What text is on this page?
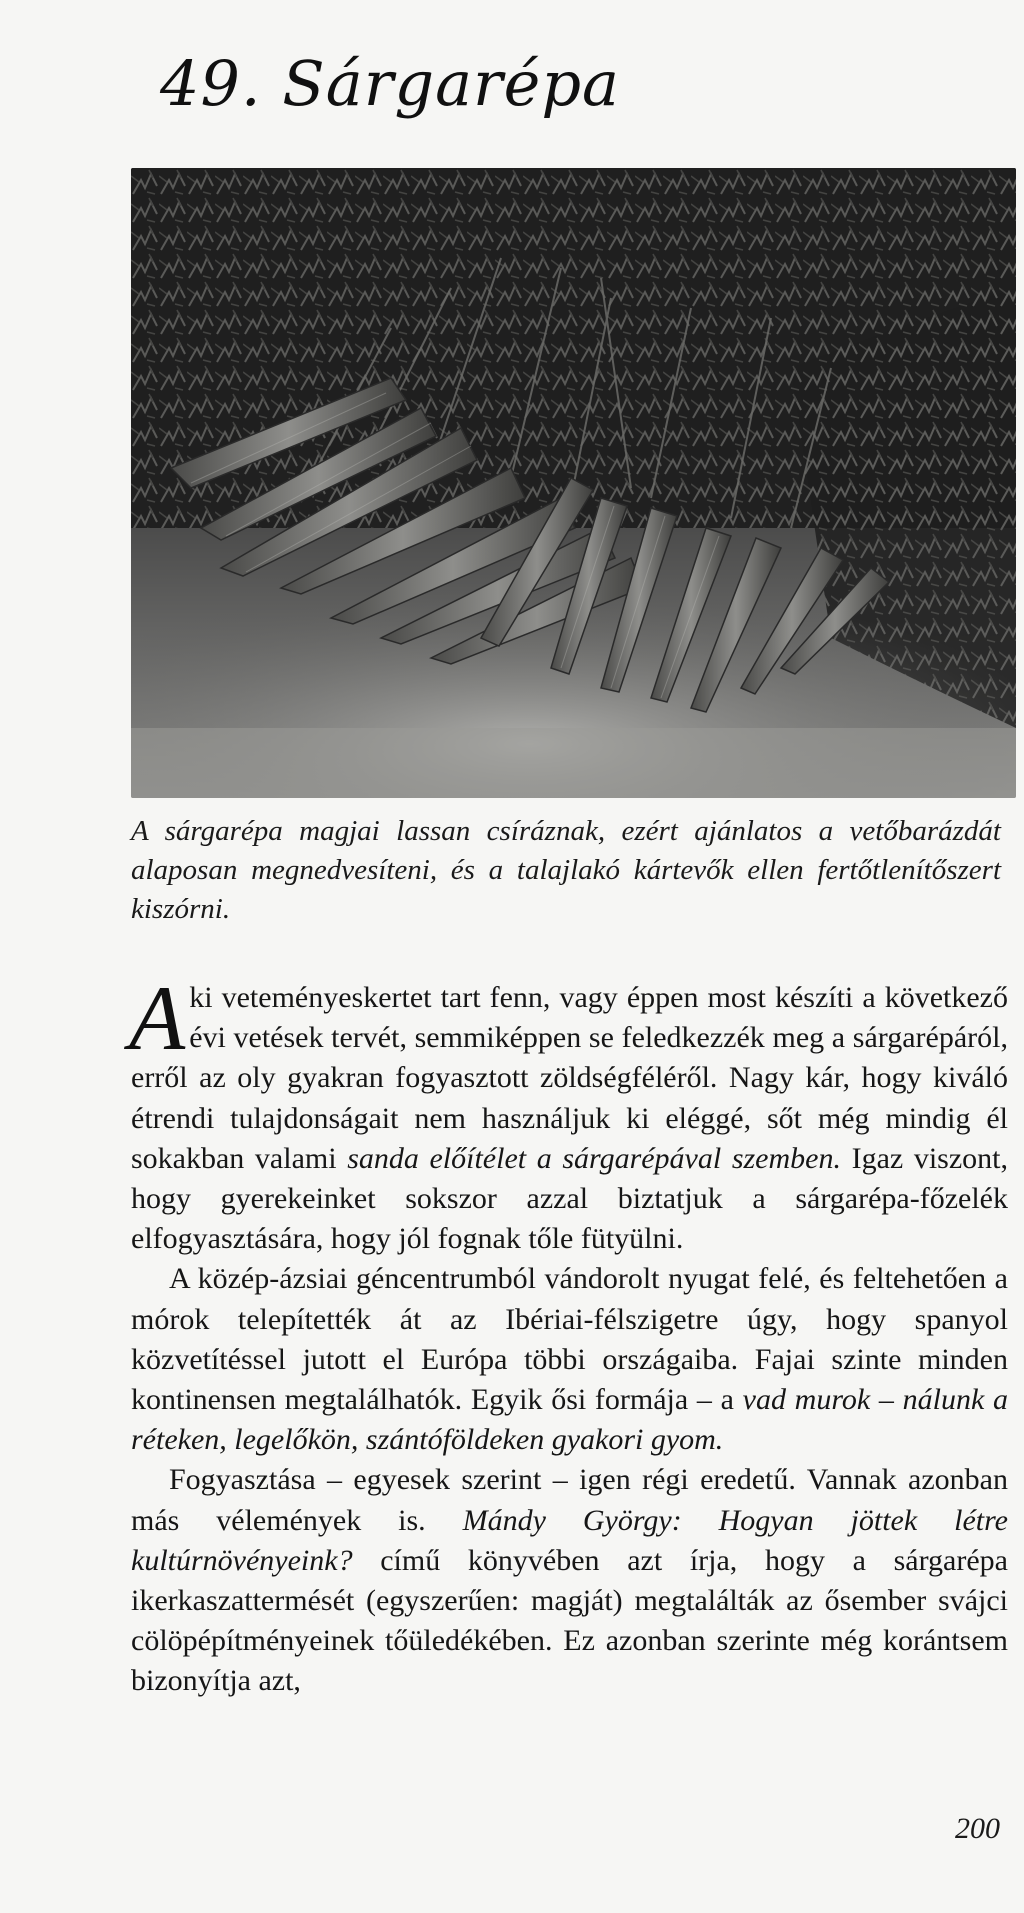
49. Sárgarépa
A sárgarépa magjai lassan csíráznak, ezért ajánlatos a vetőbarázdát alaposan megnedvesíteni, és a talajlakó kártevők ellen fertőtlenítőszert kiszórni.

Aki veteményeskertet tart fenn, vagy éppen most készíti a következő évi vetések tervét, semmiképpen se feledkezzék meg a sárgarépáról, erről az oly gyakran fogyasztott zöldségféléről. Nagy kár, hogy kiváló étrendi tulajdonságait nem használjuk ki eléggé, sőt még mindig él sokakban valami sanda előítélet a sárgarépával szemben. Igaz viszont, hogy gyerekeinket sokszor azzal biztatjuk a sárgarépa-főzelék elfogyasztására, hogy jól fognak tőle fütyülni.

A közép-ázsiai géncentrumból vándorolt nyugat felé, és feltehetően a mórok telepítették át az Ibériai-félszigetre úgy, hogy spanyol közvetítéssel jutott el Európa többi országaiba. Fajai szinte minden kontinensen megtalálhatók. Egyik ősi formája – a vad murok – nálunk a réteken, legelőkön, szántóföldeken gyakori gyom.

Fogyasztása – egyesek szerint – igen régi eredetű. Vannak azonban más vélemények is. Mándy György: Hogyan jöttek létre kultúrnövényeink? című könyvében azt írja, hogy a sárgarépa ikerkaszattermését (egyszerűen: magját) megtalálták az ősember svájci cölöpépítményeinek tőüledékében. Ez azonban szerinte még korántsem bizonyítja azt,

200
